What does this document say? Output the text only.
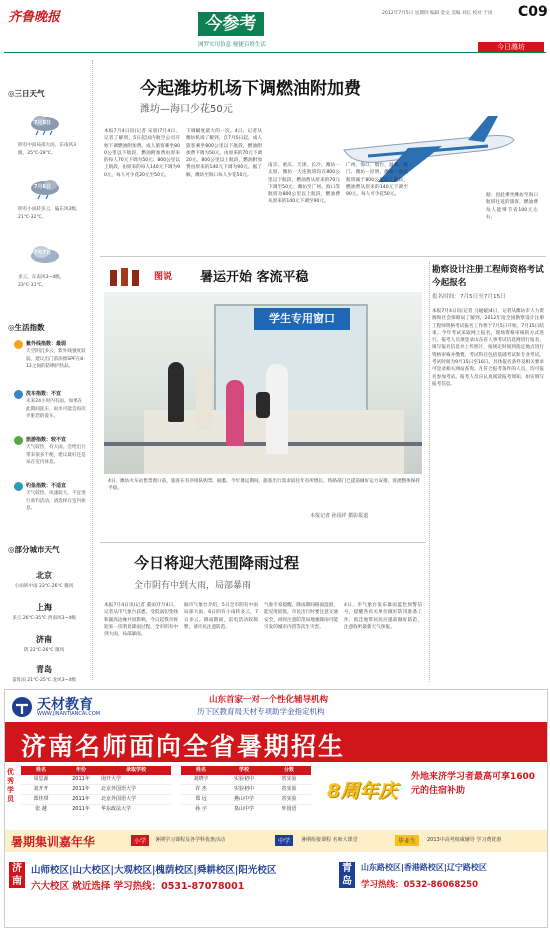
齐鲁晚报	今参考
网罗实用信息 便捷百姓生活
2012年7月5日 星期四 编辑 金文 美编 刘长 校对 于岗 C09
今日潍坊
◎三日天气
7月5日
阴有中雨局部大雨，东南风3级，25℃-28℃。
7月6日
阴有小雨转多云，偏东风3级，21℃-32℃。
7月7日
多云，东南风3~4级，23℃-31℃。
◎生活指数
紫外线指数：最弱
天空阴沉多云，紫外线强度较弱，建议出门前涂擦SPF在8-12之间的防晒护肤品。
洗车指数：不宜
未来24小时内有雨，如果在此期间洗车，雨水可能会再次弄脏您的爱车。
旅游指数：较不宜
天气较热，有大雨，会给出行带来很多不便，建议最好还是呆在室内休息。
钓鱼指数：不适宜
天气较热，风速较大，不宜进行垂钓活动，请选择在室内休息。
◎部分城市天气
北京
小雨转中雨 22℃-26℃ 微风
上海
多云 26℃-35℃ 西南风3~4级
济南
阴 22℃-26℃ 微风
青岛
雷阵雨 21℃-25℃ 北风3~4级
今起潍坊机场下调燃油附加费
潍坊—海口少花50元
本报7月4日讯(记者 宋晨)7月4日，记者了解到，5日起国内航空公司开始下调燃油附加费。成人旅客乘坐800公里以下航段，燃油附加费由原来的每人70元下调为50元；800公里以上航段，由原来的每人140元下调为90元，每人可少花20元至50元。
下调幅度最大的一次。4日，记者从潍坊机场了解到，自7月5日起，成人旅客乘坐800公里以下航段，燃油附加费下调为50元，由原来的70元下调20元。800公里以上航段，燃油附加费由原来的140元下调为90元。据了解，潍坊至海口每人少花50元。
南京、重庆、天津、长沙、潍坊一太原、潍坊一大连航班均在800公里以下航段，燃油费从原来的70元下调至50元；潍坊至广州、海口等航班为800公里以上航段，燃油费从原来的140元下调至90元。
广州、海口、烟台、温州、厦门、潍坊一昆明、潍坊一重庆航班属于800公里以上航段，燃油费从原来的140元下调至90元，每人可少花50元。	据：因此乘坐潍坊至海口航班往返的旅客，燃油费每人能够节省100元左右。
图说 暑运开始 客流平稳
学生专用窗口
4日，潍坊火车站售票窗口前，旅客在有序排队购票。据悉，今年暑运期间，旅客出行需求较往年有所增长，铁路部门已提前做好运力安排，客流整体保持平稳。
本报记者 孙国祥 摄影报道
今日将迎大范围降雨过程
全市阴有中到大雨，局部暴雨
本报7月4日讯(记者 董雨)7月4日，记者从市气象台获悉，受低涡切变线和副高边缘共同影响，今日起我市将迎来一次明显降雨过程，全市阴有中到大雨，局部暴雨。
据市气象台介绍，5日全市阴有中雨局部大雨，6日阴有小雨转多云，7日多云。降雨期间，雷电活动较频繁，请市民注意防范。
气象专家提醒，降雨期间路面湿滑，能见度较低，市民出行时要注意交通安全，同时注意防范局地强降雨可能引发的城市内涝等次生灾害。
4日，市气象台发布暴雨蓝色预警信号，提醒各有关单位做好防汛准备工作，低洼地带居民应提前做好防范，注意收听最新天气预报。
勘察设计注册工程师资格考试今起报名
报名时间：7月5日至7月15日
本报7月4日讯(记者 马媛媛)4日，记者从潍坊市人力资源和社会保障局了解到，2012年度全国勘察设计注册工程师资格考试报名工作将于7月5日开始，7月15日结束。今年考试采取网上报名、现场资格审核的方式进行。报考人员须登录山东省人事考试信息网进行报名，填写报名信息并上传照片，按规定时间到指定地点进行资格审核并缴费。考试科目包括基础考试和专业考试，考试时间为9月15日至16日。具体报名条件及相关要求可登录相关网站查询。凡符合报考条件的人员，均可报名参加考试。报考人员应认真阅读报考须知，如实填写报考信息。
天材教育
WWW.JINANTIANCAI.COM
山东首家一对一个性化辅导机构
历下区教育局天材专项助学金指定机构
济南名师面向全省暑期招生
优秀学员
姓名	年份	录取学校
周思源	2011年	南开大学
刘开开	2011年	北京外国语大学
郑佳琪	2011年	北京外国语大学
张 越	2011年	华东政法大学
姓名	学校	分数
刘晓宇	实验初中	省实验
许 杰	实验初中	省实验
郑 远	燕山中学	省实验
孙 宇	泉山中学	外国语
8周年庆
外地来济学习者最高可享1600元的住宿补助
暑期集训嘉年华	小学	暑期学习课程及各学科优惠活动	中学	暑期衔接课程 名师大课堂	毕业生	2013中高考权威辅导 学习费优惠
济南
山师校区|山大校区|大观校区|槐荫校区|舜耕校区|阳光校区
六大校区 就近选择 学习热线：0531-87078001
青岛
山东路校区|香港路校区|辽宁路校区
学习热线：0532-86068250
